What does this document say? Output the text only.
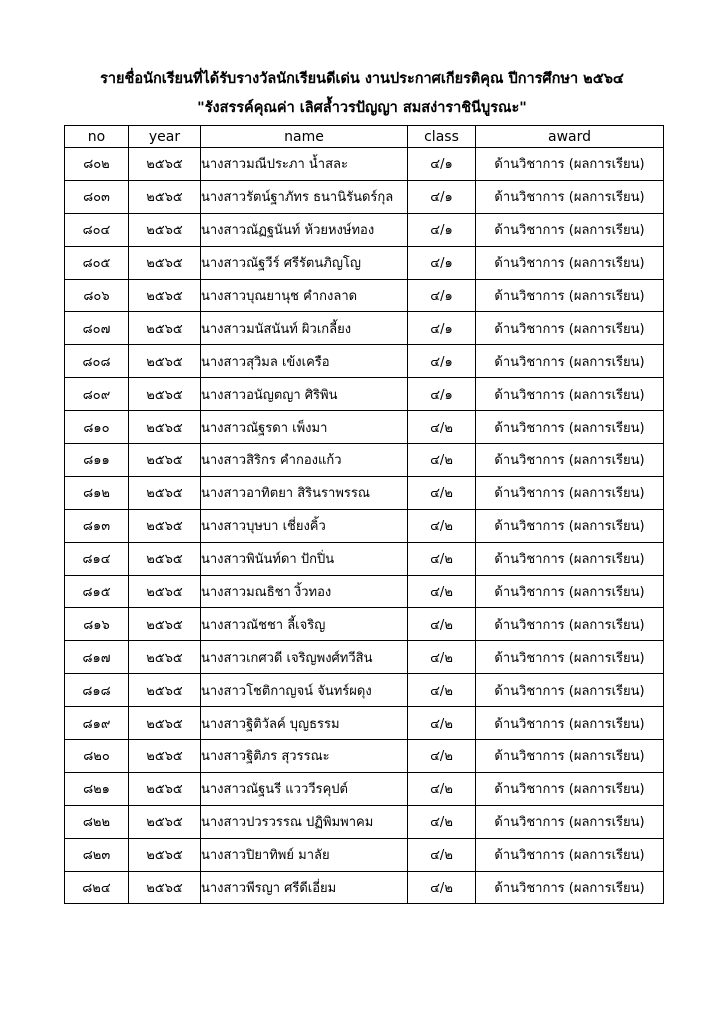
รายชื่อนักเรียนที่ได้รับรางวัลนักเรียนดีเด่น งานประกาศเกียรติคุณ ปีการศึกษา ๒๕๖๔
"รังสรรค์คุณค่า เลิศล้ำวรปัญญา สมสง่าราชินีบูรณะ"
no	year	name	class	award
๘๐๒	๒๕๖๕	นางสาวมณีประภา น้ำสละ	๔/๑	ด้านวิชาการ (ผลการเรียน)
๘๐๓	๒๕๖๕	นางสาวรัตน์ฐาภัทร ธนานิรันดร์กุล	๔/๑	ด้านวิชาการ (ผลการเรียน)
๘๐๔	๒๕๖๕	นางสาวณัฏฐนันท์ ห้วยหงษ์ทอง	๔/๑	ด้านวิชาการ (ผลการเรียน)
๘๐๕	๒๕๖๕	นางสาวณัฐวีร์ ศรีรัตนภิญโญ	๔/๑	ด้านวิชาการ (ผลการเรียน)
๘๐๖	๒๕๖๕	นางสาวบุณยานุช คำกงลาด	๔/๑	ด้านวิชาการ (ผลการเรียน)
๘๐๗	๒๕๖๕	นางสาวมนัสนันท์ ผิวเกลี้ยง	๔/๑	ด้านวิชาการ (ผลการเรียน)
๘๐๘	๒๕๖๕	นางสาวสุวิมล เข้งเครือ	๔/๑	ด้านวิชาการ (ผลการเรียน)
๘๐๙	๒๕๖๕	นางสาวอนัญตญา ศิริพิน	๔/๑	ด้านวิชาการ (ผลการเรียน)
๘๑๐	๒๕๖๕	นางสาวณัฐรดา เพ็งมา	๔/๒	ด้านวิชาการ (ผลการเรียน)
๘๑๑	๒๕๖๕	นางสาวสิริกร คำกองแก้ว	๔/๒	ด้านวิชาการ (ผลการเรียน)
๘๑๒	๒๕๖๕	นางสาวอาทิตยา สิรินราพรรณ	๔/๒	ด้านวิชาการ (ผลการเรียน)
๘๑๓	๒๕๖๕	นางสาวบุษบา เชี่ยงคิ้ว	๔/๒	ด้านวิชาการ (ผลการเรียน)
๘๑๔	๒๕๖๕	นางสาวพินันท์ดา ปักปิ่น	๔/๒	ด้านวิชาการ (ผลการเรียน)
๘๑๕	๒๕๖๕	นางสาวมณธิชา งิ้วทอง	๔/๒	ด้านวิชาการ (ผลการเรียน)
๘๑๖	๒๕๖๕	นางสาวณัชชา ลี้เจริญ	๔/๒	ด้านวิชาการ (ผลการเรียน)
๘๑๗	๒๕๖๕	นางสาวเกศวดี เจริญพงศ์ทวีสิน	๔/๒	ด้านวิชาการ (ผลการเรียน)
๘๑๘	๒๕๖๕	นางสาวโชติกาญจน์ จันทร์ผดุง	๔/๒	ด้านวิชาการ (ผลการเรียน)
๘๑๙	๒๕๖๕	นางสาวฐิติวัลค์ บุญธรรม	๔/๒	ด้านวิชาการ (ผลการเรียน)
๘๒๐	๒๕๖๕	นางสาวฐิติภร สุวรรณะ	๔/๒	ด้านวิชาการ (ผลการเรียน)
๘๒๑	๒๕๖๕	นางสาวณัฐนรี แวววีรคุปต์	๔/๒	ด้านวิชาการ (ผลการเรียน)
๘๒๒	๒๕๖๕	นางสาวปวรวรรณ ปฏิพิมพาคม	๔/๒	ด้านวิชาการ (ผลการเรียน)
๘๒๓	๒๕๖๕	นางสาวปิยาทิพย์ มาลัย	๔/๒	ด้านวิชาการ (ผลการเรียน)
๘๒๔	๒๕๖๕	นางสาวพีรญา ศรีดีเอี่ยม	๔/๒	ด้านวิชาการ (ผลการเรียน)
